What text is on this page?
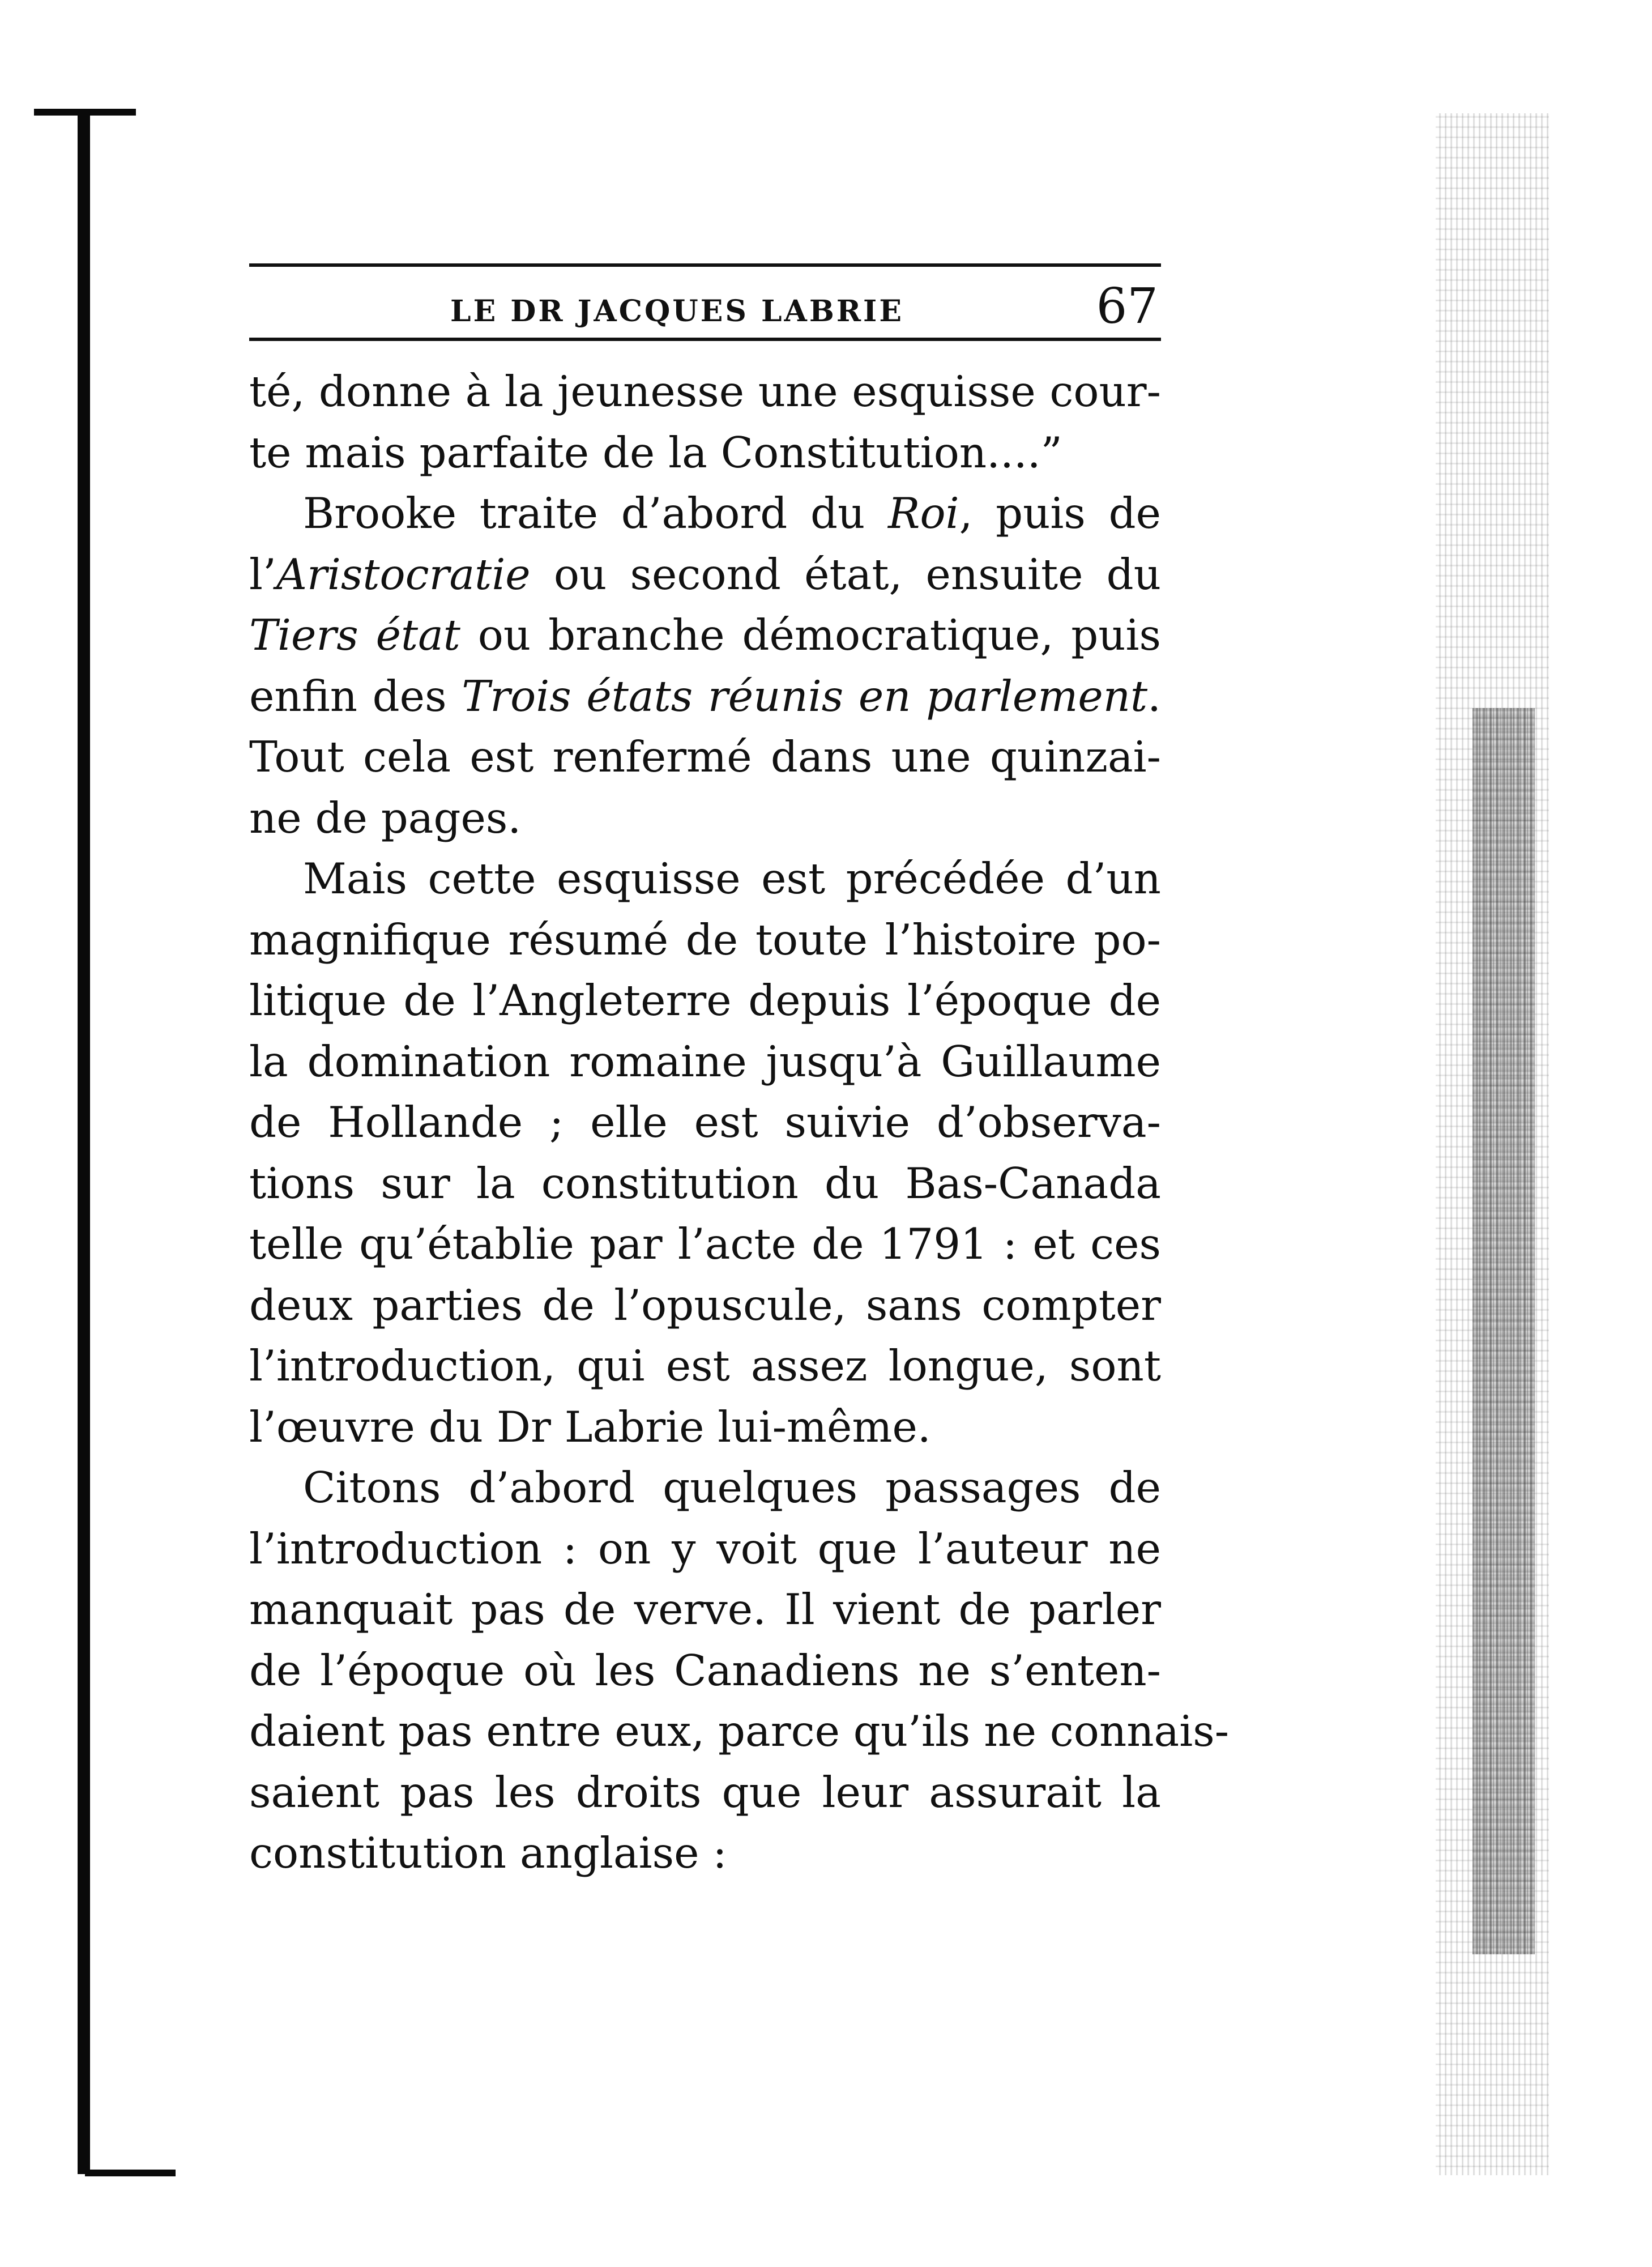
LE DR JACQUES LABRIE	67
té, donne à la jeunesse une esquisse cour-
te mais parfaite de la Constitution....”
Brooke traite d’abord du Roi, puis de
l’Aristocratie ou second état, ensuite du
Tiers état ou branche démocratique, puis
enfin des Trois états réunis en parlement.
Tout cela est renfermé dans une quinzai-
ne de pages.
Mais cette esquisse est précédée d’un
magnifique résumé de toute l’histoire po-
litique de l’Angleterre depuis l’époque de
la domination romaine jusqu’à Guillaume
de Hollande ; elle est suivie d’observa-
tions sur la constitution du Bas-Canada
telle qu’établie par l’acte de 1791 : et ces
deux parties de l’opuscule, sans compter
l’introduction, qui est assez longue, sont
l’œuvre du Dr Labrie lui-même.
Citons d’abord quelques passages de
l’introduction : on y voit que l’auteur ne
manquait pas de verve. Il vient de parler
de l’époque où les Canadiens ne s’enten-
daient pas entre eux, parce qu’ils ne connais-
saient pas les droits que leur assurait la
constitution anglaise :
